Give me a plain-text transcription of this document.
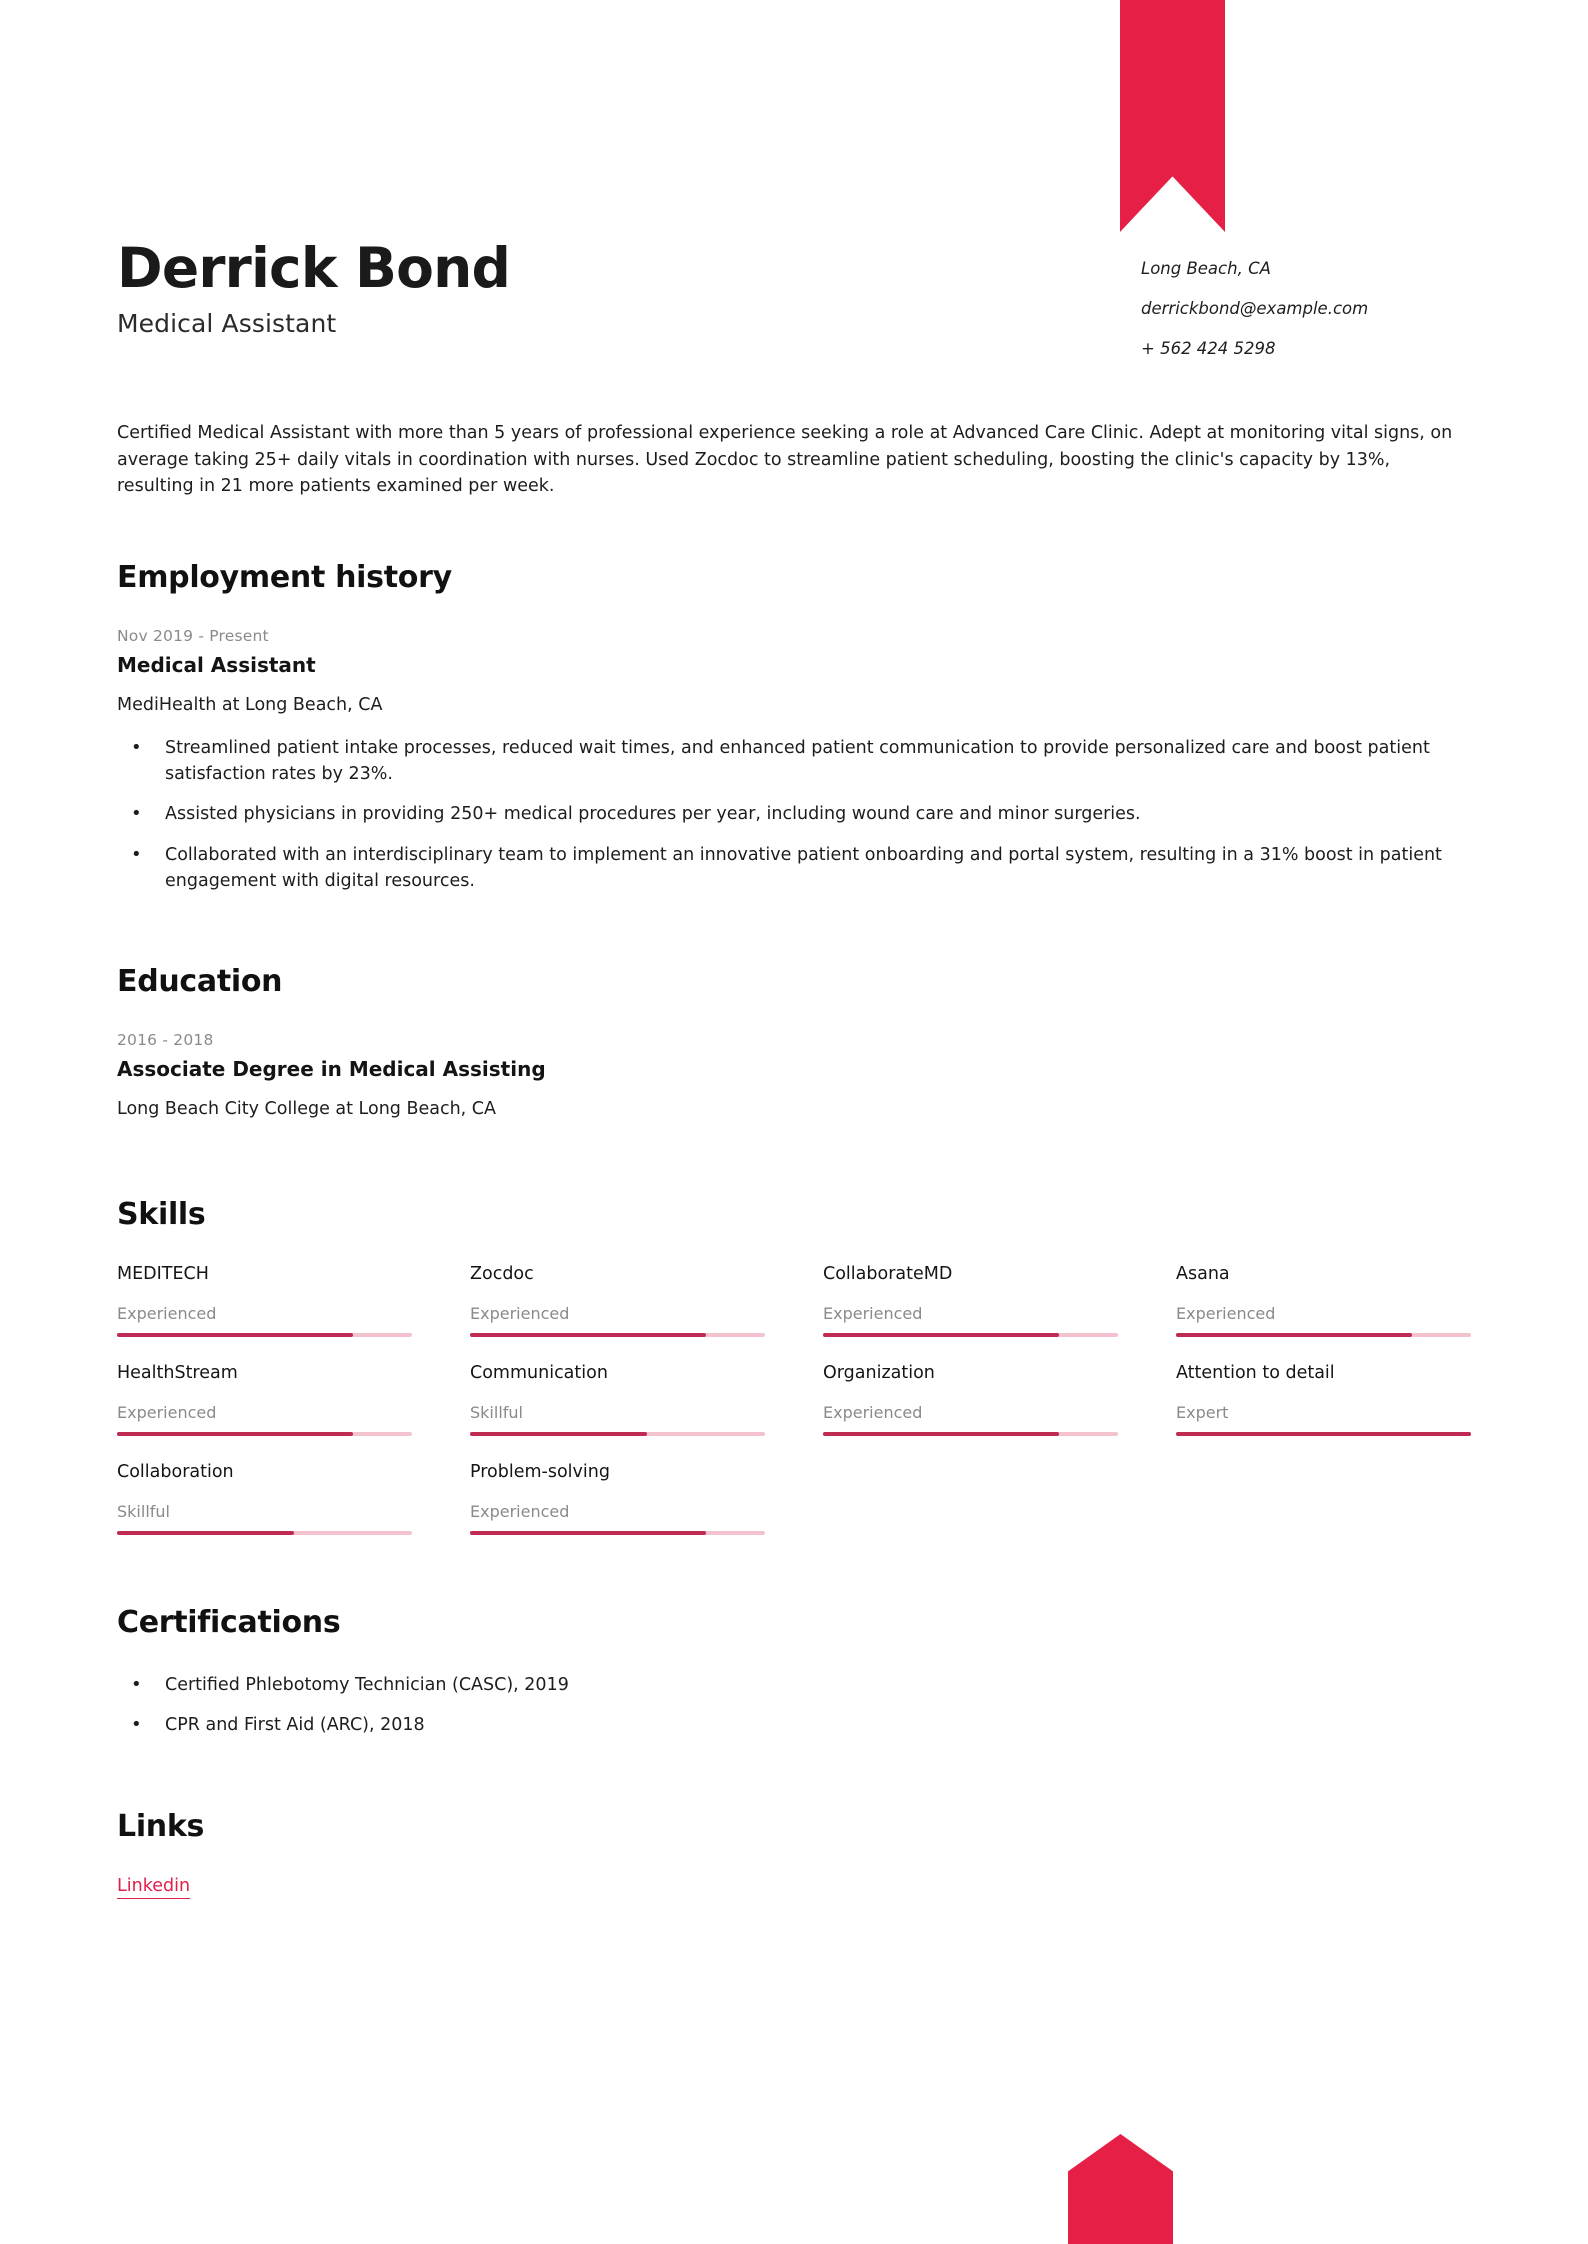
Derrick Bond
Medical Assistant
Long Beach, CA
derrickbond@example.com
+ 562 424 5298
Certified Medical Assistant with more than 5 years of professional experience seeking a role at Advanced Care Clinic. Adept at monitoring vital signs, on average taking 25+ daily vitals in coordination with nurses. Used Zocdoc to streamline patient scheduling, boosting the clinic's capacity by 13%, resulting in 21 more patients examined per week.
Employment history
Nov 2019 - Present
Medical Assistant
MediHealth at Long Beach, CA
• Streamlined patient intake processes, reduced wait times, and enhanced patient communication to provide personalized care and boost patient satisfaction rates by 23%.
• Assisted physicians in providing 250+ medical procedures per year, including wound care and minor surgeries.
• Collaborated with an interdisciplinary team to implement an innovative patient onboarding and portal system, resulting in a 31% boost in patient engagement with digital resources.
Education
2016 - 2018
Associate Degree in Medical Assisting
Long Beach City College at Long Beach, CA
Skills
MEDITECH
Experienced
Zocdoc
Experienced
CollaborateMD
Experienced
Asana
Experienced
HealthStream
Experienced
Communication
Skillful
Organization
Experienced
Attention to detail
Expert
Collaboration
Skillful
Problem-solving
Experienced
Certifications
• Certified Phlebotomy Technician (CASC), 2019
• CPR and First Aid (ARC), 2018
Links
Linkedin
